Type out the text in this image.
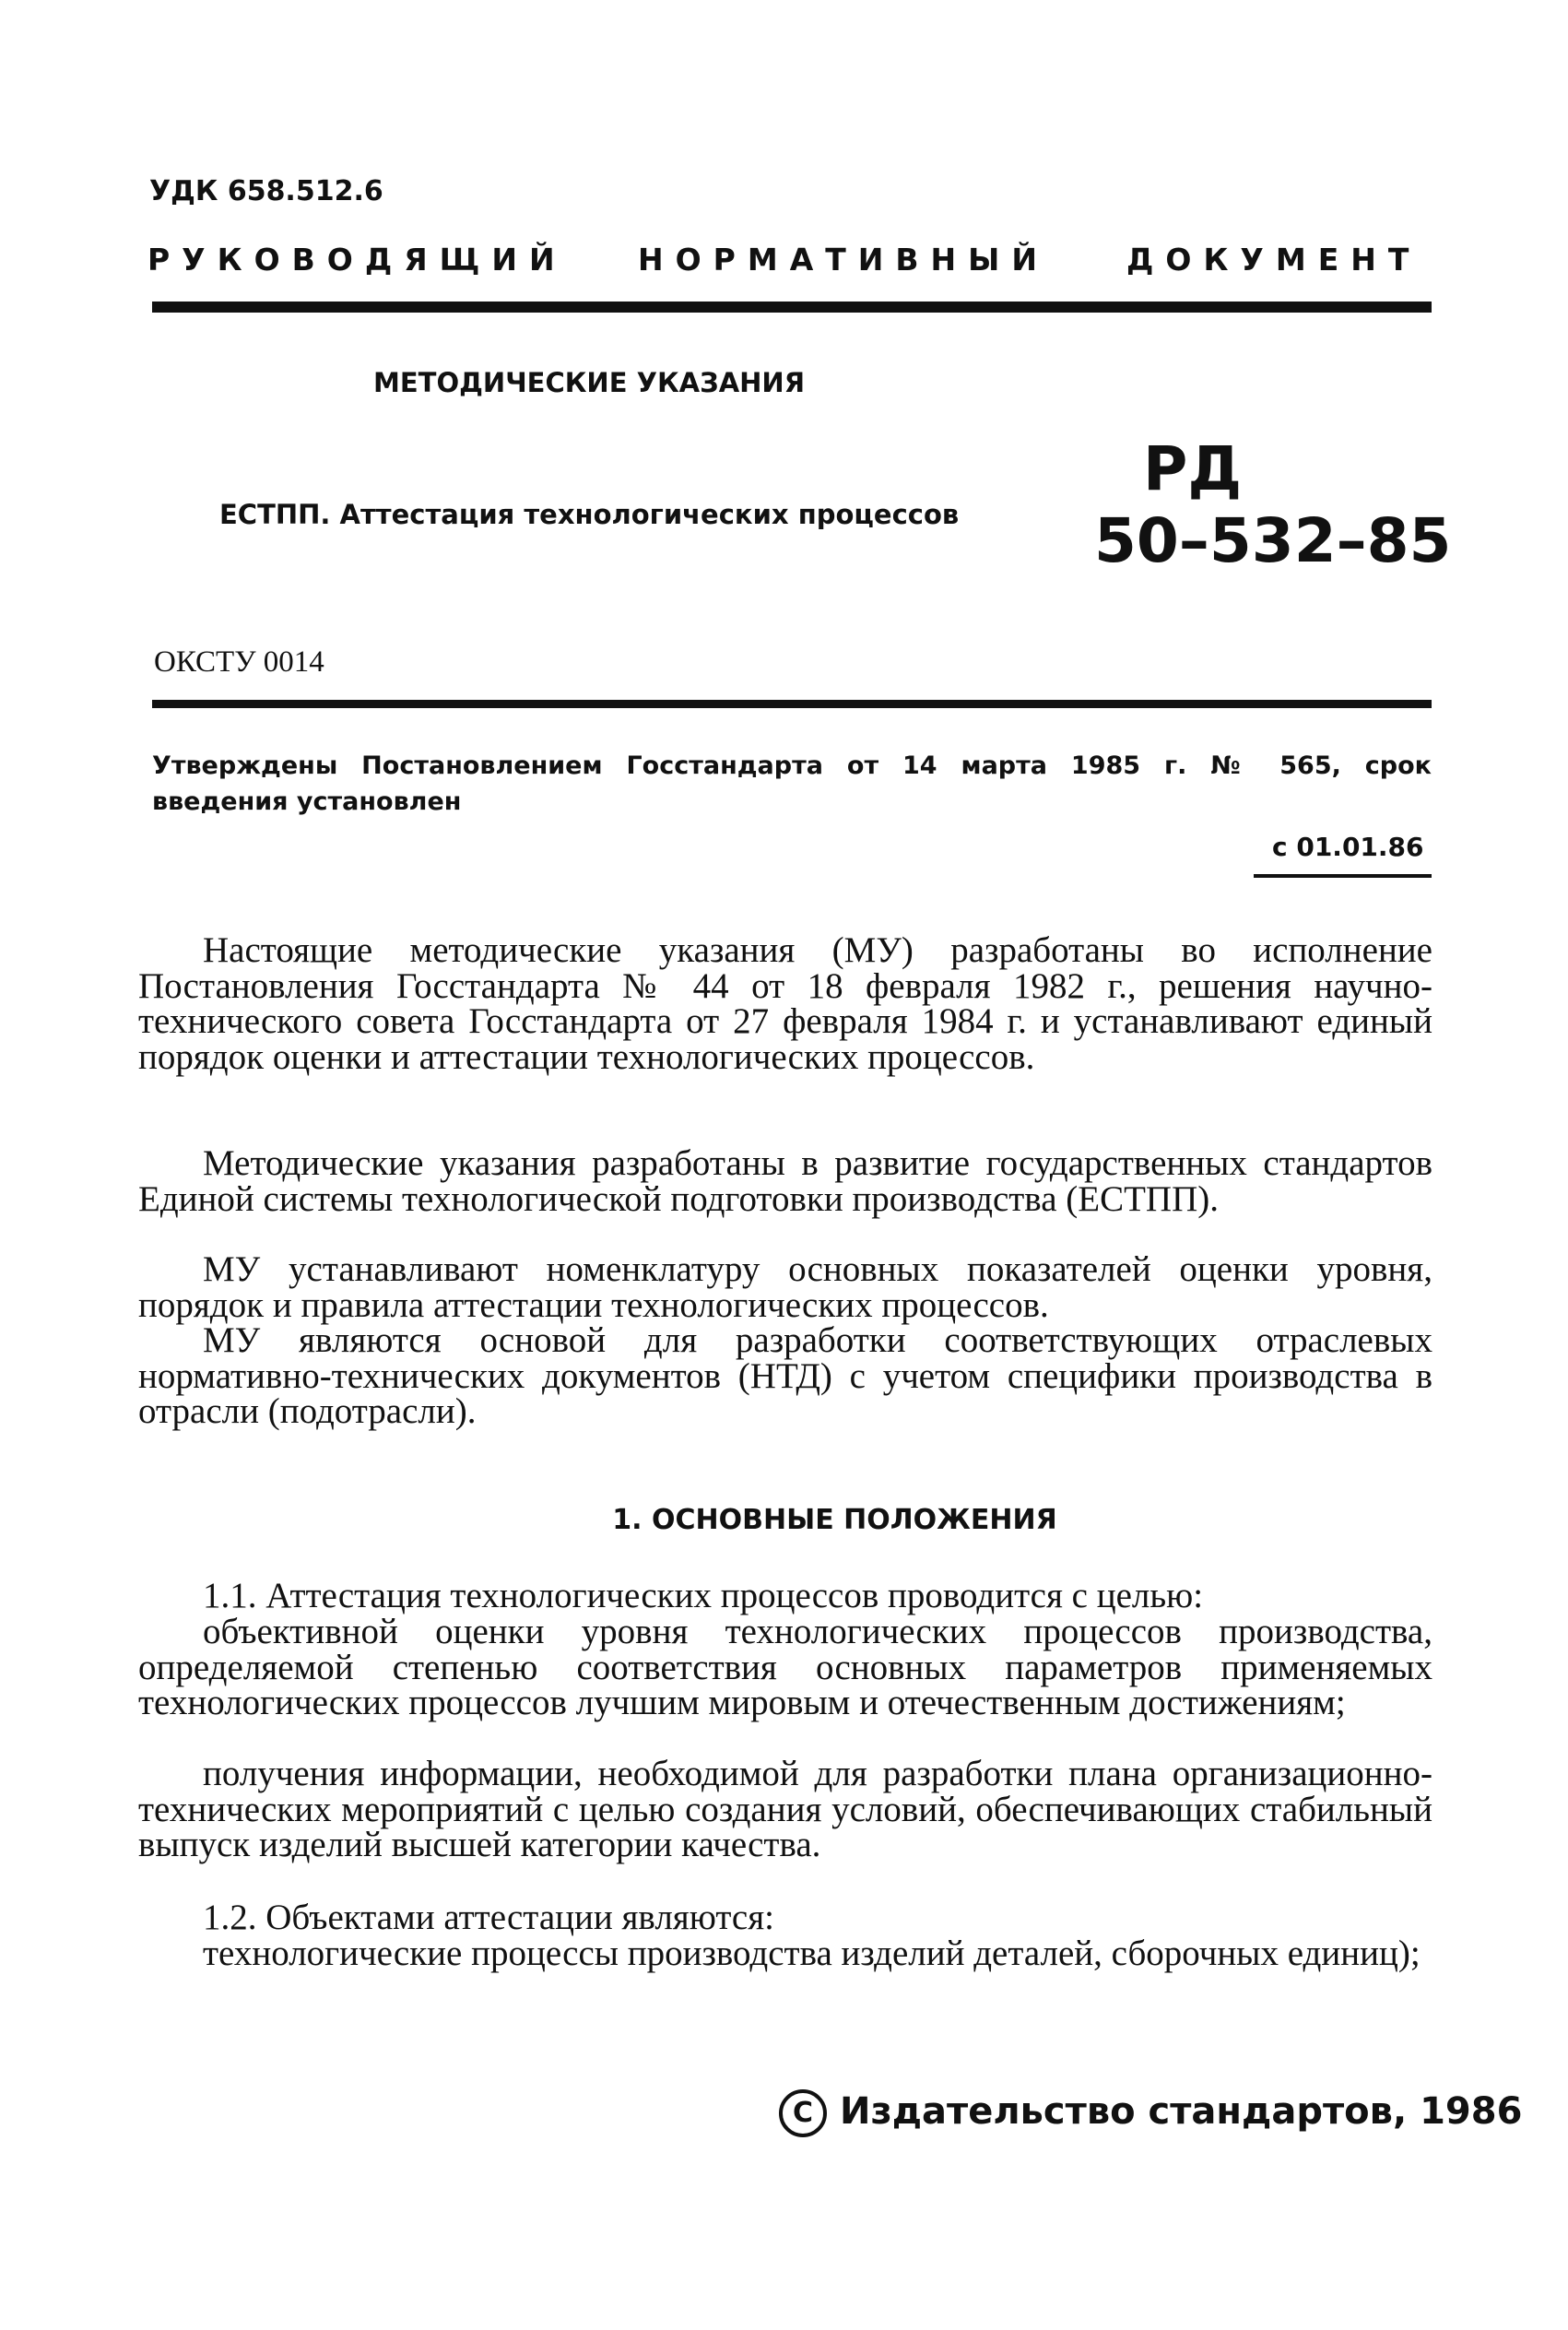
УДК 658.512.6
РУКОВОДЯЩИЙ НОРМАТИВНЫЙ	ДОКУМЕНТ
МЕТОДИЧЕСКИЕ УКАЗАНИЯ
ЕСТПП. Аттестация технологических процессов
РД
50–532–85
ОКСТУ 0014
Утверждены Постановлением Госстандарта от 14 марта 1985 г. № 565, срок
введения установлен
с 01.01.86
Настоящие методические указания (МУ) разработаны во исполнение Постановления Госстандарта № 44 от 18 февраля 1982 г., решения научно-технического совета Госстандарта от 27 февраля 1984 г. и устанавливают единый порядок оценки и аттестации технологических процессов.
Методические указания разработаны в развитие государственных стандартов Единой системы технологической подготовки производства (ЕСТПП).
МУ устанавливают номенклатуру основных показателей оценки уровня, порядок и правила аттестации технологических процессов.
МУ являются основой для разработки соответствующих отраслевых нормативно-технических документов (НТД) с учетом специфики производства в отрасли (подотрасли).
1. ОСНОВНЫЕ ПОЛОЖЕНИЯ
1.1. Аттестация технологических процессов проводится с целью:
объективной оценки уровня технологических процессов производства, определяемой степенью соответствия основных параметров применяемых технологических процессов лучшим мировым и отечественным достижениям;
получения информации, необходимой для разработки плана организационно-технических мероприятий с целью создания условий, обеспечивающих стабильный выпуск изделий высшей категории качества.
1.2. Объектами аттестации являются:
технологические процессы производства изделий деталей, сборочных единиц);
C Издательство стандартов, 1986
